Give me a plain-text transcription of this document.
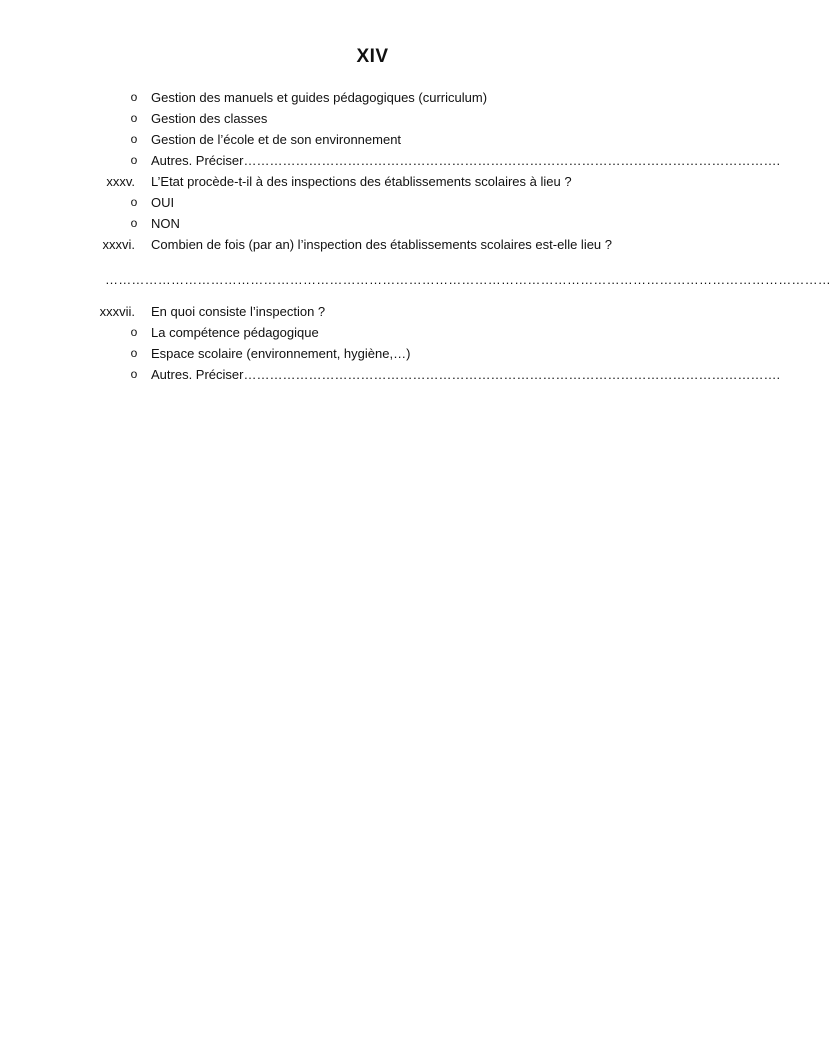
XIV
o Gestion des manuels et guides pédagogiques (curriculum)
o Gestion des classes
o Gestion de l’école et de son environnement
o Autres. Préciser…………………………………………………………………………………………………………….
xxxv. L’Etat procède-t-il à des inspections des établissements scolaires à lieu ?
o OUI
o NON
xxxvi. Combien de fois (par an) l’inspection des établissements scolaires est-elle lieu ?
…………………………………………………………………………………………………………………………………………………
xxxvii. En quoi consiste l’inspection ?
o La compétence pédagogique
o Espace scolaire (environnement, hygiène,…)
o Autres. Préciser…………………………………………………………………………………………………………….
